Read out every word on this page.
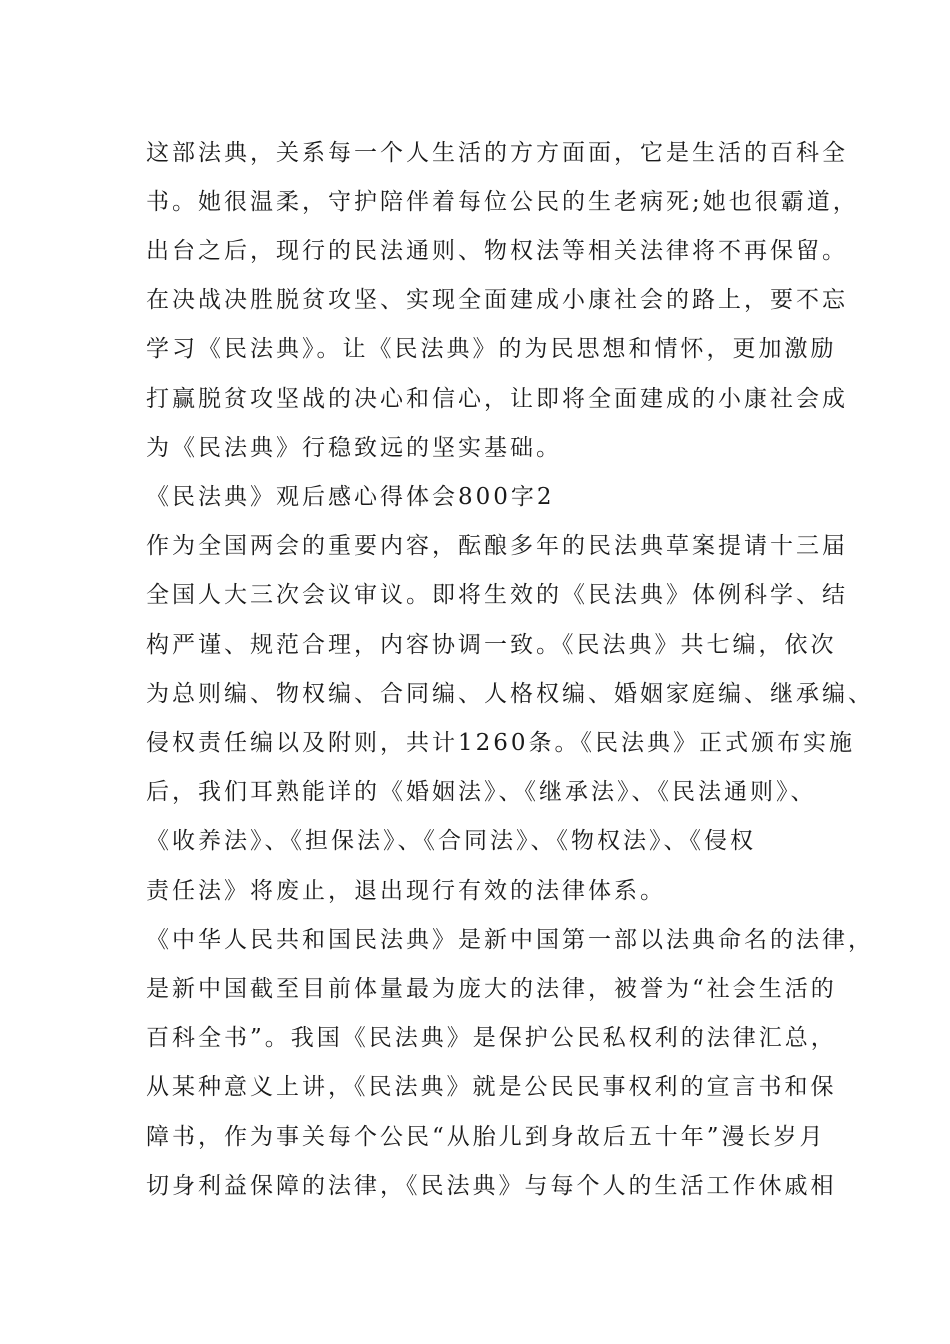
这部法典，关系每一个人生活的方方面面，它是生活的百科全
书。她很温柔，守护陪伴着每位公民的生老病死;她也很霸道，
出台之后，现行的民法通则、物权法等相关法律将不再保留。
在决战决胜脱贫攻坚、实现全面建成小康社会的路上，要不忘
学习《民法典》。让《民法典》的为民思想和情怀，更加激励
打赢脱贫攻坚战的决心和信心，让即将全面建成的小康社会成
为《民法典》行稳致远的坚实基础。
《民法典》观后感心得体会800字2
作为全国两会的重要内容，酝酿多年的民法典草案提请十三届
全国人大三次会议审议。即将生效的《民法典》体例科学、结
构严谨、规范合理，内容协调一致。《民法典》共七编，依次
为总则编、物权编、合同编、人格权编、婚姻家庭编、继承编、
侵权责任编以及附则，共计1260条。《民法典》正式颁布实施
后，我们耳熟能详的《婚姻法》、《继承法》、《民法通则》、
《收养法》、《担保法》、《合同法》、《物权法》、《侵权
责任法》将废止，退出现行有效的法律体系。
《中华人民共和国民法典》是新中国第一部以法典命名的法律，
是新中国截至目前体量最为庞大的法律，被誉为“社会生活的
百科全书”。我国《民法典》是保护公民私权利的法律汇总，
从某种意义上讲，《民法典》就是公民民事权利的宣言书和保
障书，作为事关每个公民“从胎儿到身故后五十年”漫长岁月
切身利益保障的法律，《民法典》与每个人的生活工作休戚相
